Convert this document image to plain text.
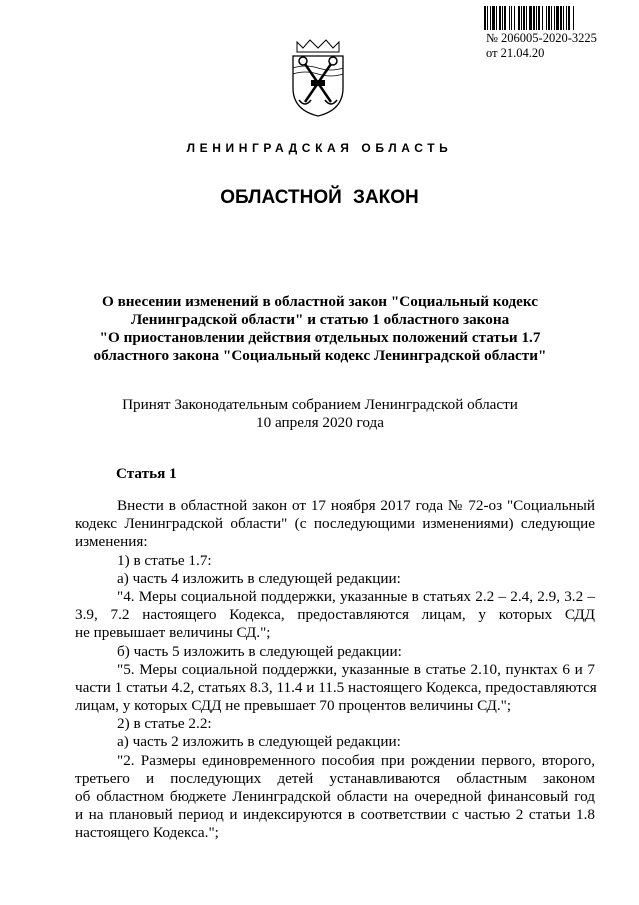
№ 206005-2020-3225
от 21.04.20
ЛЕНИНГРАДСКАЯ ОБЛАСТЬ
ОБЛАСТНОЙ ЗАКОН
О внесении изменений в областной закон "Социальный кодекс
Ленинградской области" и статью 1 областного закона
"О приостановлении действия отдельных положений статьи 1.7
областного закона "Социальный кодекс Ленинградской области"
Принят Законодательным собранием Ленинградской области
10 апреля 2020 года
Статья 1
Внести в областной закон от 17 ноября 2017 года № 72-оз "Социальный
кодекс Ленинградской области" (с последующими изменениями) следующие
изменения:
1) в статье 1.7:
а) часть 4 изложить в следующей редакции:
"4. Меры социальной поддержки, указанные в статьях 2.2 – 2.4, 2.9, 3.2 –
3.9, 7.2 настоящего Кодекса, предоставляются лицам, у которых СДД
не превышает величины СД.";
б) часть 5 изложить в следующей редакции:
"5. Меры социальной поддержки, указанные в статье 2.10, пунктах 6 и 7
части 1 статьи 4.2, статьях 8.3, 11.4 и 11.5 настоящего Кодекса, предоставляются
лицам, у которых СДД не превышает 70 процентов величины СД.";
2) в статье 2.2:
а) часть 2 изложить в следующей редакции:
"2. Размеры единовременного пособия при рождении первого, второго,
третьего и последующих детей устанавливаются областным законом
об областном бюджете Ленинградской области на очередной финансовый год
и на плановый период и индексируются в соответствии с частью 2 статьи 1.8
настоящего Кодекса.";
